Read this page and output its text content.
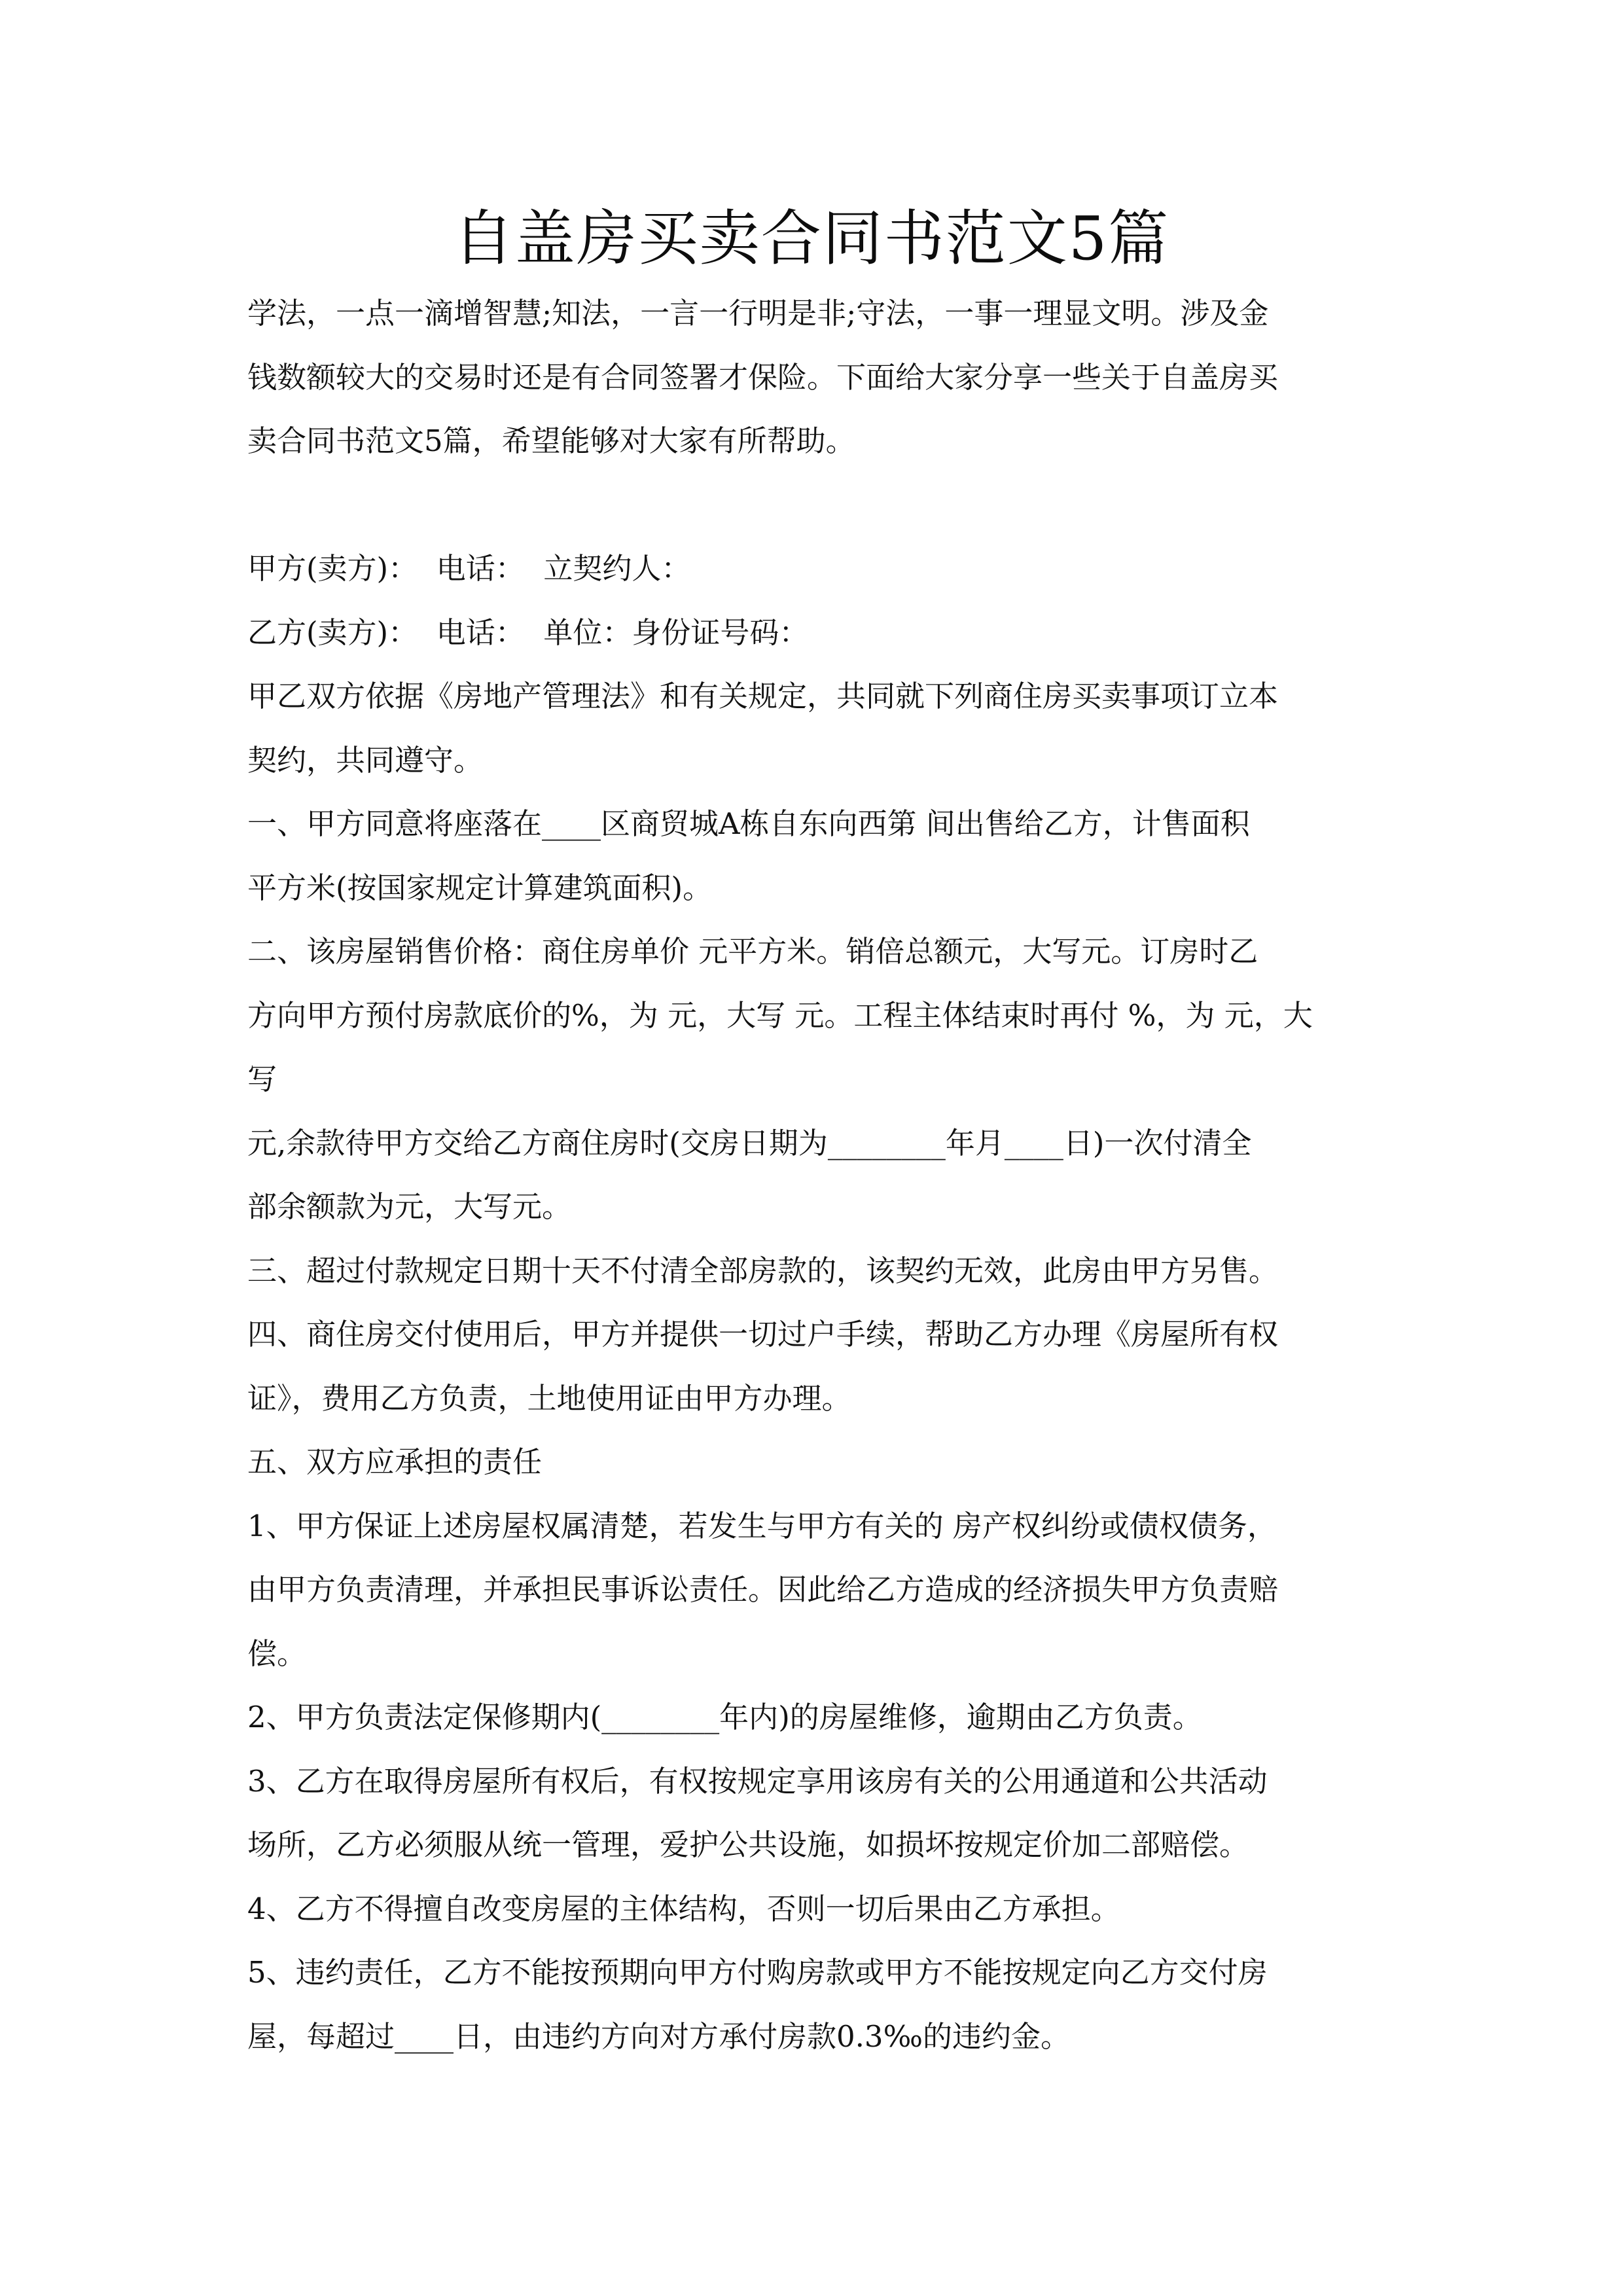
自盖房买卖合同书范文5篇
学法，一点一滴增智慧;知法，一言一行明是非;守法，一事一理显文明。涉及金
钱数额较大的交易时还是有合同签署才保险。下面给大家分享一些关于自盖房买
卖合同书范文5篇，希望能够对大家有所帮助。
甲方(卖方)：  电话：  立契约人：
乙方(卖方)：  电话：  单位：身份证号码：
甲乙双方依据《房地产管理法》和有关规定，共同就下列商住房买卖事项订立本
契约，共同遵守。
一、甲方同意将座落在____区商贸城A栋自东向西第 间出售给乙方，计售面积
平方米(按国家规定计算建筑面积)。
二、该房屋销售价格：商住房单价 元平方米。销倍总额元，大写元。订房时乙
方向甲方预付房款底价的%，为 元，大写 元。工程主体结束时再付 %，为 元，大
写
元,余款待甲方交给乙方商住房时(交房日期为________年月____日)一次付清全
部余额款为元，大写元。
三、超过付款规定日期十天不付清全部房款的，该契约无效，此房由甲方另售。
四、商住房交付使用后，甲方并提供一切过户手续，帮助乙方办理《房屋所有权
证》，费用乙方负责，土地使用证由甲方办理。
五、双方应承担的责任
1、甲方保证上述房屋权属清楚，若发生与甲方有关的 房产权纠纷或债权债务，
由甲方负责清理，并承担民事诉讼责任。因此给乙方造成的经济损失甲方负责赔
偿。
2、甲方负责法定保修期内(________年内)的房屋维修，逾期由乙方负责。
3、乙方在取得房屋所有权后，有权按规定享用该房有关的公用通道和公共活动
场所，乙方必须服从统一管理，爱护公共设施，如损坏按规定价加二部赔偿。
4、乙方不得擅自改变房屋的主体结构，否则一切后果由乙方承担。
5、违约责任，乙方不能按预期向甲方付购房款或甲方不能按规定向乙方交付房
屋，每超过____日，由违约方向对方承付房款0.3‰的违约金。
